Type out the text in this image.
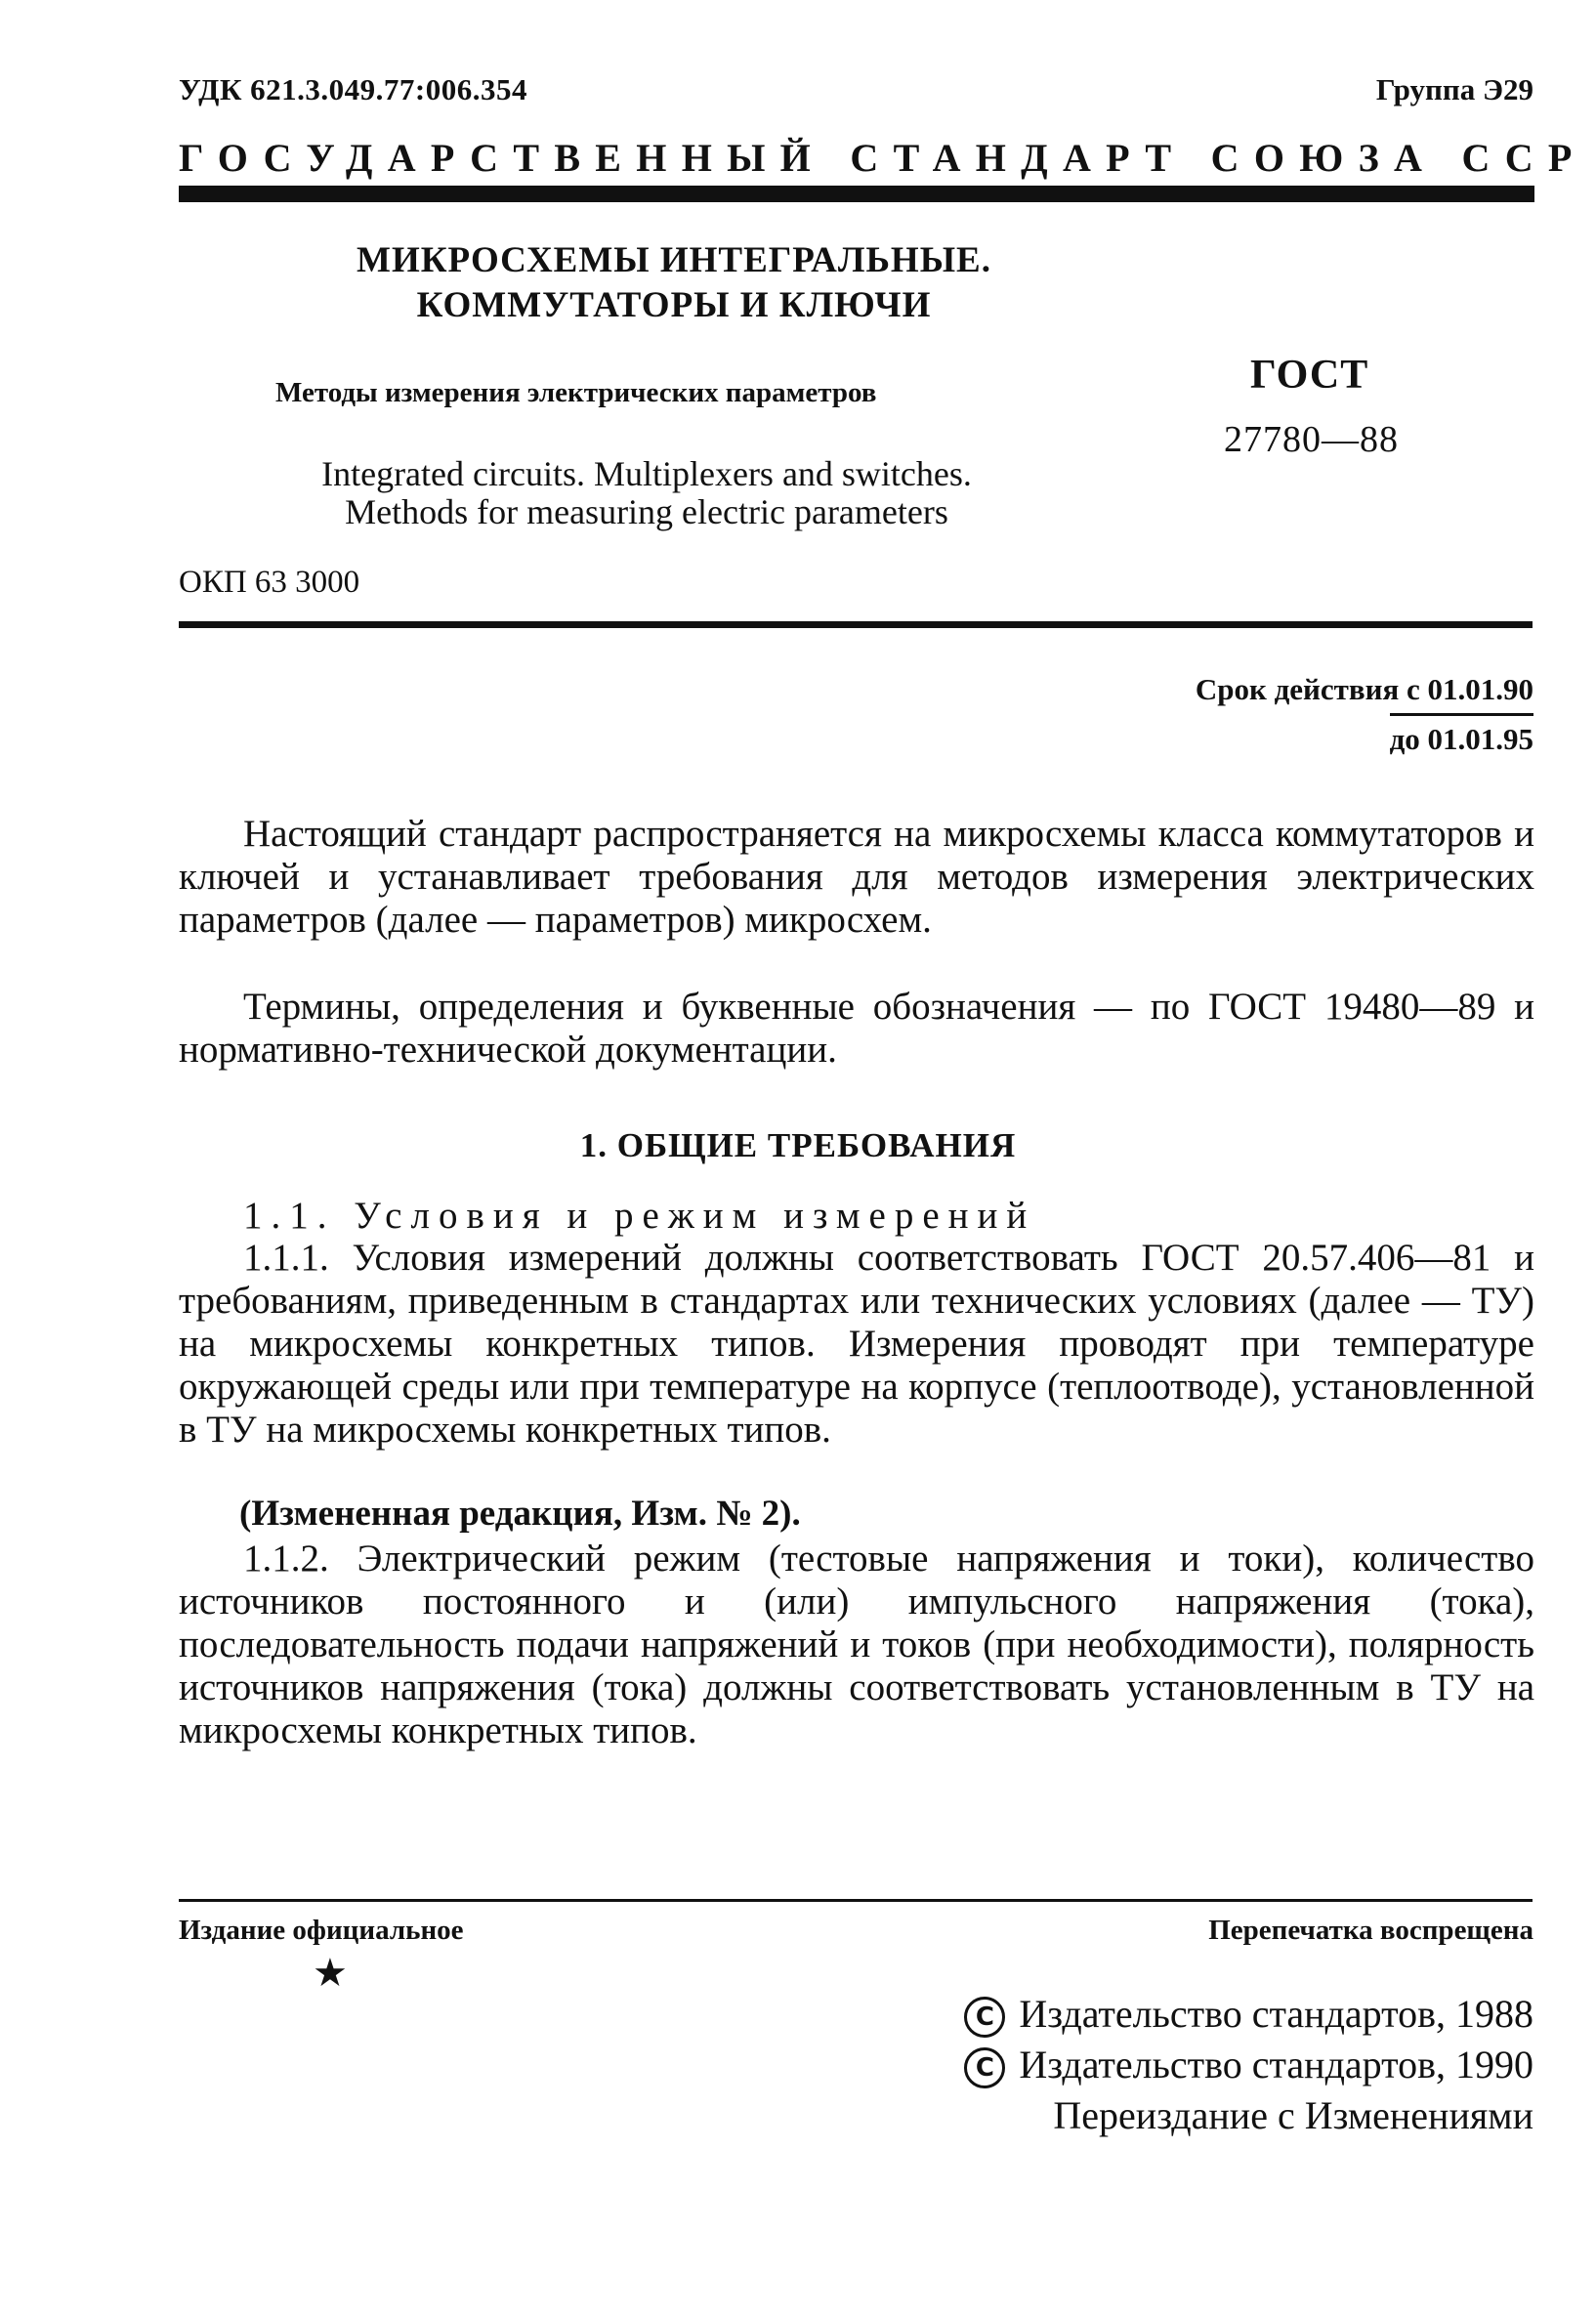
УДК 621.3.049.77:006.354	Группа Э29
ГОСУДАРСТВЕННЫЙ СТАНДАРТ СОЮЗА ССР
МИКРОСХЕМЫ ИНТЕГРАЛЬНЫЕ.
КОММУТАТОРЫ И КЛЮЧИ
Методы измерения электрических параметров
Integrated circuits. Multiplexers and switches.
Methods for measuring electric parameters
ГОСТ
27780—88
ОКП 63 3000
Срок действия с 01.01.90
до 01.01.95
Настоящий стандарт распространяется на микросхемы класса коммутаторов и ключей и устанавливает требования для методов измерения электрических параметров (далее — параметров) микросхем.
Термины, определения и буквенные обозначения — по ГОСТ 19480—89 и нормативно-технической документации.
1. ОБЩИЕ ТРЕБОВАНИЯ
1.1. Условия и режим измерений
1.1.1. Условия измерений должны соответствовать ГОСТ 20.57.406—81 и требованиям, приведенным в стандартах или технических условиях (далее — ТУ) на микросхемы конкретных типов. Измерения проводят при температуре окружающей среды или при температуре на корпусе (теплоотводе), установленной в ТУ на микросхемы конкретных типов.
(Измененная редакция, Изм. № 2).
1.1.2. Электрический режим (тестовые напряжения и токи), количество источников постоянного и (или) импульсного напряжения (тока), последовательность подачи напряжений и токов (при необходимости), полярность источников напряжения (тока) должны соответствовать установленным в ТУ на микросхемы конкретных типов.
Издание официальное
★
Перепечатка воспрещена
C Издательство стандартов, 1988
C Издательство стандартов, 1990
Переиздание с Изменениями
